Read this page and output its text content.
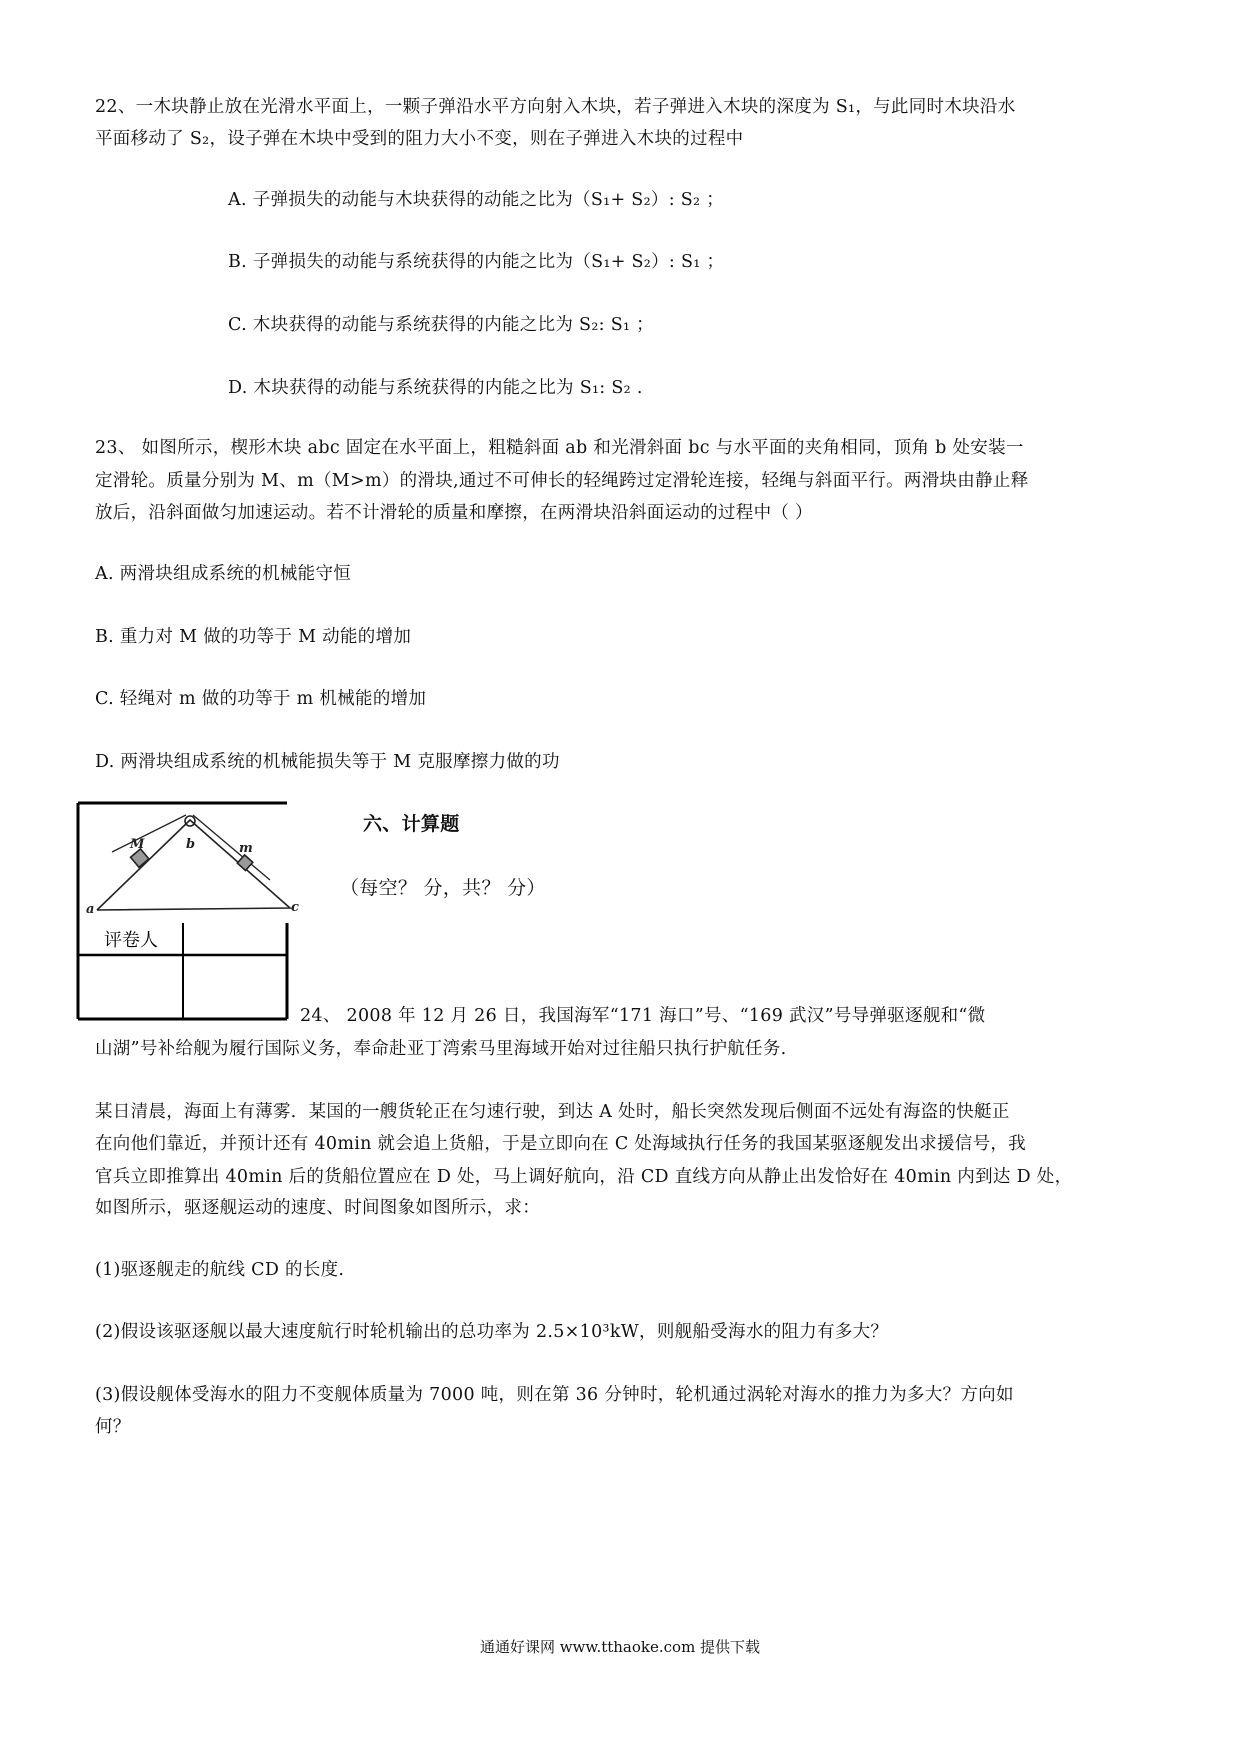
22、一木块静止放在光滑水平面上，一颗子弹沿水平方向射入木块，若子弹进入木块的深度为 S₁，与此同时木块沿水
平面移动了 S₂，设子弹在木块中受到的阻力大小不变，则在子弹进入木块的过程中
A. 子弹损失的动能与木块获得的动能之比为（S₁+ S₂）: S₂ ；
B. 子弹损失的动能与系统获得的内能之比为（S₁+ S₂）: S₁ ；
C. 木块获得的动能与系统获得的内能之比为 S₂: S₁ ；
D. 木块获得的动能与系统获得的内能之比为 S₁: S₂ .
23、 如图所示，楔形木块 abc 固定在水平面上，粗糙斜面 ab 和光滑斜面 bc 与水平面的夹角相同，顶角 b 处安装一
定滑轮。质量分别为 M、m（M>m）的滑块,通过不可伸长的轻绳跨过定滑轮连接，轻绳与斜面平行。两滑块由静止释
放后，沿斜面做匀加速运动。若不计滑轮的质量和摩擦，在两滑块沿斜面运动的过程中（ ）
A. 两滑块组成系统的机械能守恒
B. 重力对 M 做的功等于 M 动能的增加
C. 轻绳对 m 做的功等于 m 机械能的增加
D. 两滑块组成系统的机械能损失等于 M 克服摩擦力做的功
a
b
c
M	m
评卷人
六、计算题
（每空？ 分，共？ 分）
24、 2008 年 12 月 26 日，我国海军“171 海口”号、“169 武汉”号导弹驱逐舰和“微
山湖”号补给舰为履行国际义务，奉命赴亚丁湾索马里海域开始对过往船只执行护航任务.
某日清晨，海面上有薄雾．某国的一艘货轮正在匀速行驶，到达 A 处时，船长突然发现后侧面不远处有海盗的快艇正
在向他们靠近，并预计还有 40min 就会追上货船，于是立即向在 C 处海域执行任务的我国某驱逐舰发出求援信号，我
官兵立即推算出 40min 后的货船位置应在 D 处，马上调好航向，沿 CD 直线方向从静止出发恰好在 40min 内到达 D 处，
如图所示，驱逐舰运动的速度、时间图象如图所示，求：
(1)驱逐舰走的航线 CD 的长度.
(2)假设该驱逐舰以最大速度航行时轮机输出的总功率为 2.5×10³kW，则舰船受海水的阻力有多大？
(3)假设舰体受海水的阻力不变舰体质量为 7000 吨，则在第 36 分钟时，轮机通过涡轮对海水的推力为多大？方向如
何？
通通好课网 www.tthaoke.com 提供下载
